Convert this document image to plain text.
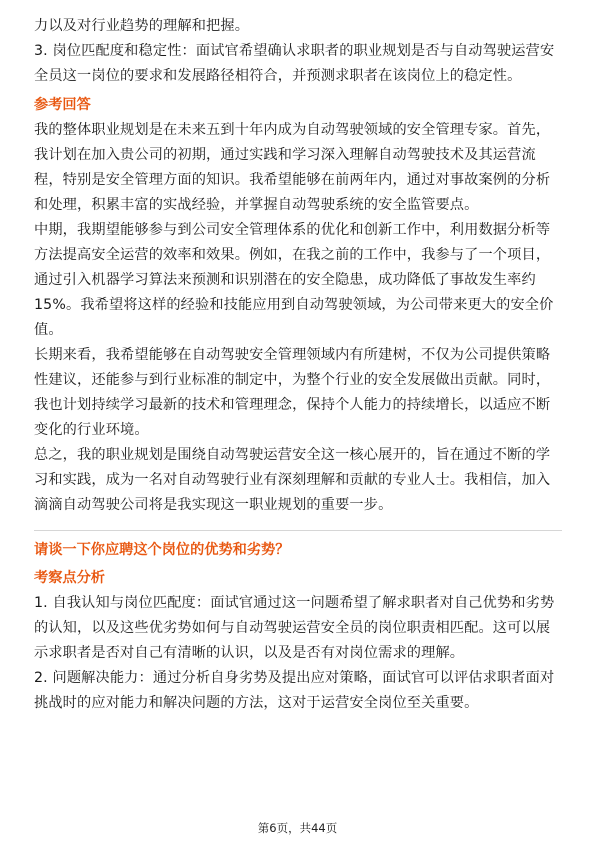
力以及对行业趋势的理解和把握。

3. 岗位匹配度和稳定性：面试官希望确认求职者的职业规划是否与自动驾驶运营安

全员这一岗位的要求和发展路径相符合，并预测求职者在该岗位上的稳定性。

参考回答

我的整体职业规划是在未来五到十年内成为自动驾驶领域的安全管理专家。首先，

我计划在加入贵公司的初期，通过实践和学习深入理解自动驾驶技术及其运营流

程，特别是安全管理方面的知识。我希望能够在前两年内，通过对事故案例的分析

和处理，积累丰富的实战经验，并掌握自动驾驶系统的安全监管要点。

中期，我期望能够参与到公司安全管理体系的优化和创新工作中，利用数据分析等

方法提高安全运营的效率和效果。例如，在我之前的工作中，我参与了一个项目，

通过引入机器学习算法来预测和识别潜在的安全隐患，成功降低了事故发生率约

15%。我希望将这样的经验和技能应用到自动驾驶领域，为公司带来更大的安全价

值。

长期来看，我希望能够在自动驾驶安全管理领域内有所建树，不仅为公司提供策略

性建议，还能参与到行业标准的制定中，为整个行业的安全发展做出贡献。同时，

我也计划持续学习最新的技术和管理理念，保持个人能力的持续增长，以适应不断

变化的行业环境。

总之，我的职业规划是围绕自动驾驶运营安全这一核心展开的，旨在通过不断的学

习和实践，成为一名对自动驾驶行业有深刻理解和贡献的专业人士。我相信，加入

滴滴自动驾驶公司将是我实现这一职业规划的重要一步。

请谈一下你应聘这个岗位的优势和劣势？
考察点分析

1. 自我认知与岗位匹配度：面试官通过这一问题希望了解求职者对自己优势和劣势

的认知，以及这些优劣势如何与自动驾驶运营安全员的岗位职责相匹配。这可以展

示求职者是否对自己有清晰的认识，以及是否有对岗位需求的理解。

2. 问题解决能力：通过分析自身劣势及提出应对策略，面试官可以评估求职者面对

挑战时的应对能力和解决问题的方法，这对于运营安全岗位至关重要。

第6页，共44页
